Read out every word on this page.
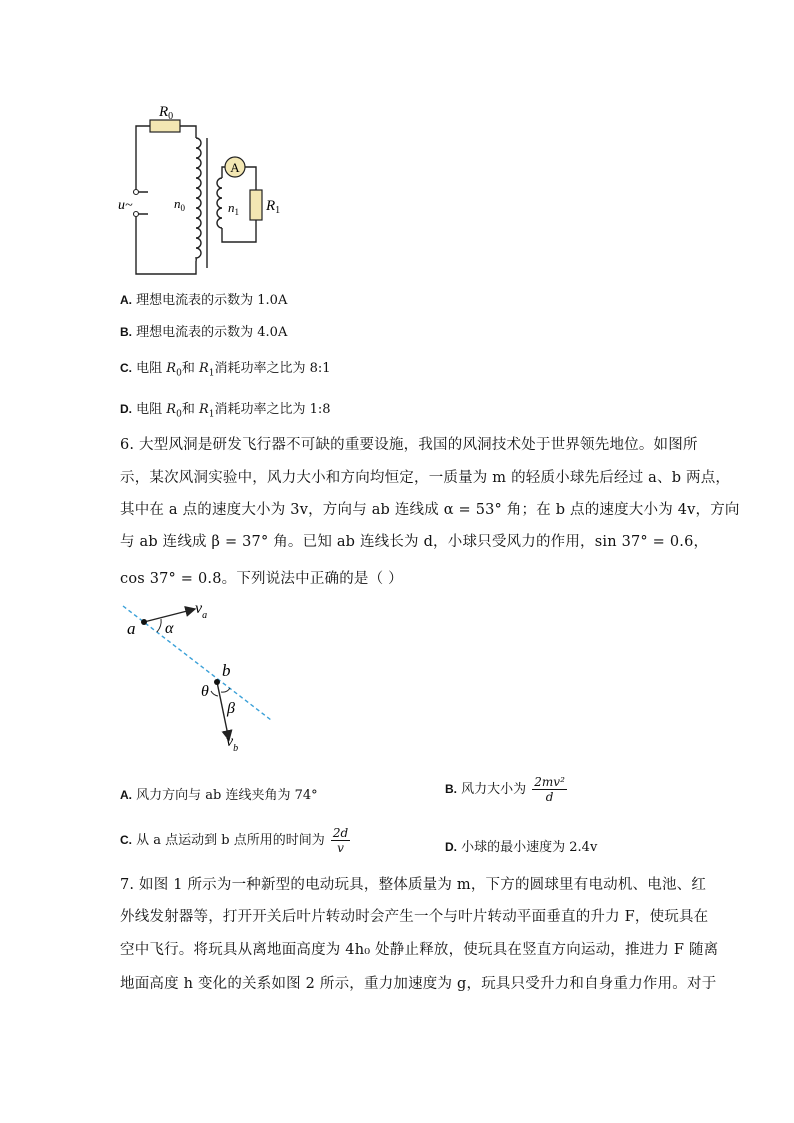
A
$R_0$
u~	$n_0$	$n_1$ $R_1$
A. 理想电流表的示数为 1.0A
B. 理想电流表的示数为 4.0A
C. 电阻 $R_0$和 $R_1$消耗功率之比为 8:1
D. 电阻 $R_0$和 $R_1$消耗功率之比为 1:8
6. 大型风洞是研发飞行器不可缺的重要设施，我国的风洞技术处于世界领先地位。如图所
示，某次风洞实验中，风力大小和方向均恒定，一质量为 m 的轻质小球先后经过 a、b 两点，
其中在 a 点的速度大小为 3v，方向与 ab 连线成 α = 53° 角；在 b 点的速度大小为 4v，方向
与 ab 连线成 β = 37° 角。已知 ab 连线长为 d，小球只受风力的作用，sin 37° = 0.6，
cos 37° = 0.8。下列说法中正确的是（ ）
a α
$v_a$
b
θ
β
$v_b$
A. 风力方向与 ab 连线夹角为 74°	B. 风力大小为 $\frac{\text{2mv²}}{d}$
C. 从 a 点运动到 b 点所用的时间为 $\frac{2d}{v}$	D. 小球的最小速度为 2.4v
7. 如图 1 所示为一种新型的电动玩具，整体质量为 m，下方的圆球里有电动机、电池、红
外线发射器等，打开开关后叶片转动时会产生一个与叶片转动平面垂直的升力 F，使玩具在
空中飞行。将玩具从离地面高度为 4h₀ 处静止释放，使玩具在竖直方向运动，推进力 F 随离
地面高度 h 变化的关系如图 2 所示，重力加速度为 g，玩具只受升力和自身重力作用。对于
